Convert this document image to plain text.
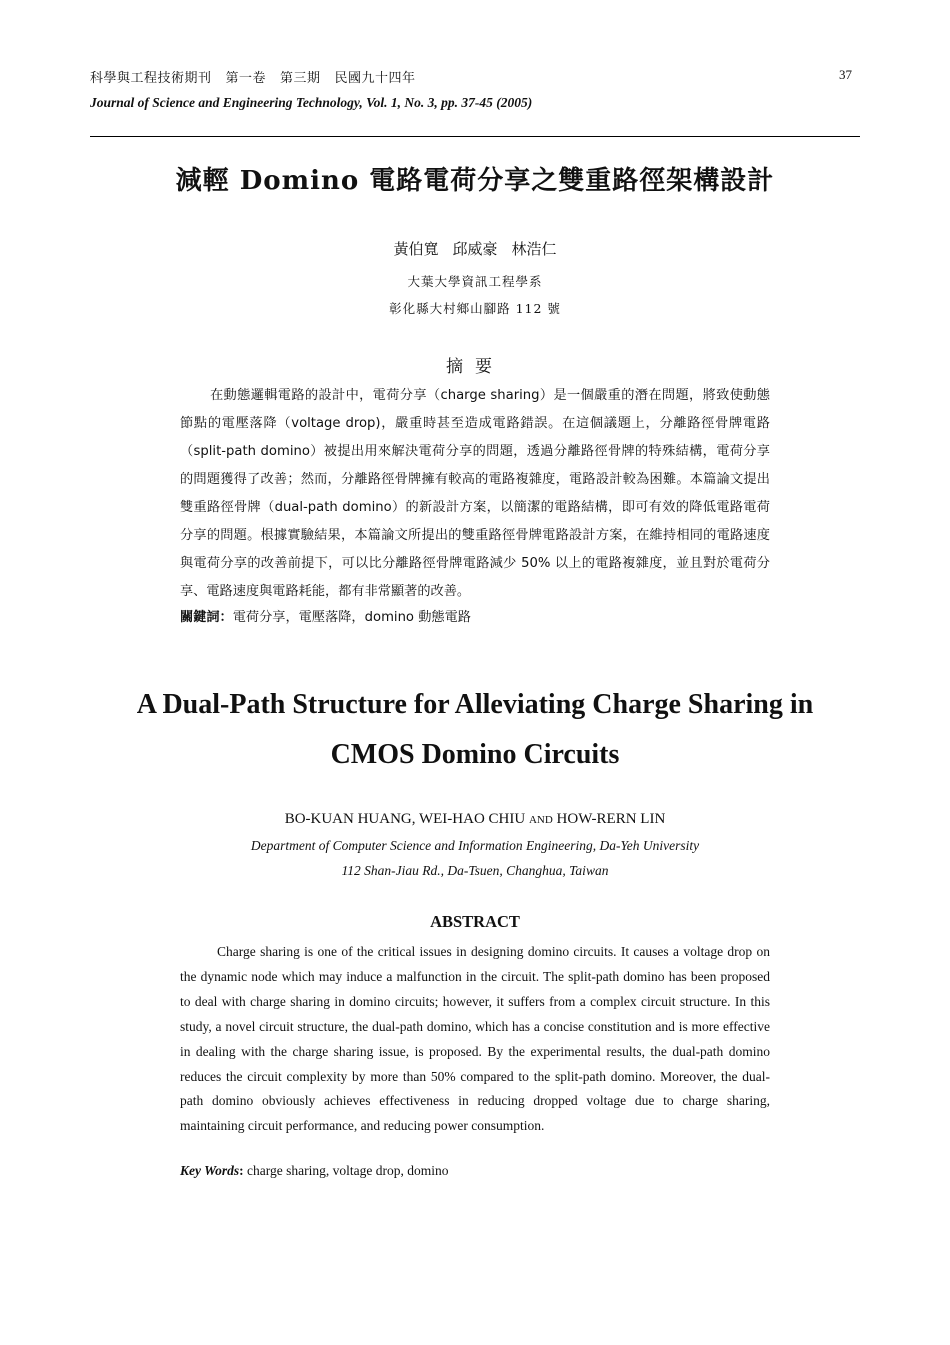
科學與工程技術期刊 第一卷 第三期 民國九十四年	37
Journal of Science and Engineering Technology, Vol. 1, No. 3, pp. 37-45 (2005)
減輕 Domino 電路電荷分享之雙重路徑架構設計
黃伯寬 邱威豪 林浩仁
大葉大學資訊工程學系
彰化縣大村鄉山腳路 112 號
摘要

在動態邏輯電路的設計中，電荷分享（charge sharing）是一個嚴重的潛在問題，將致使動態節點的電壓落降（voltage drop)，嚴重時甚至造成電路錯誤。在這個議題上，分離路徑骨牌電路（split-path domino）被提出用來解決電荷分享的問題，透過分離路徑骨牌的特殊結構，電荷分享的問題獲得了改善；然而，分離路徑骨牌擁有較高的電路複雜度，電路設計較為困難。本篇論文提出雙重路徑骨牌（dual-path domino）的新設計方案，以簡潔的電路結構，即可有效的降低電路電荷分享的問題。根據實驗結果，本篇論文所提出的雙重路徑骨牌電路設計方案，在維持相同的電路速度與電荷分享的改善前提下，可以比分離路徑骨牌電路減少 50% 以上的電路複雜度，並且對於電荷分享、電路速度與電路耗能，都有非常顯著的改善。

關鍵詞：電荷分享，電壓落降，domino 動態電路
A Dual-Path Structure for Alleviating Charge Sharing in
CMOS Domino Circuits
BO-KUAN HUANG, WEI-HAO CHIU and HOW-RERN LIN
Department of Computer Science and Information Engineering, Da-Yeh University
112 Shan-Jiau Rd., Da-Tsuen, Changhua, Taiwan
ABSTRACT

Charge sharing is one of the critical issues in designing domino circuits. It causes a voltage drop on the dynamic node which may induce a malfunction in the circuit. The split-path domino has been proposed to deal with charge sharing in domino circuits; however, it suffers from a complex circuit structure. In this study, a novel circuit structure, the dual-path domino, which has a concise constitution and is more effective in dealing with the charge sharing issue, is proposed. By the experimental results, the dual-path domino reduces the circuit complexity by more than 50% compared to the split-path domino. Moreover, the dual-path domino obviously achieves effectiveness in reducing dropped voltage due to charge sharing, maintaining circuit performance, and reducing power consumption.

Key Words: charge sharing, voltage drop, domino
